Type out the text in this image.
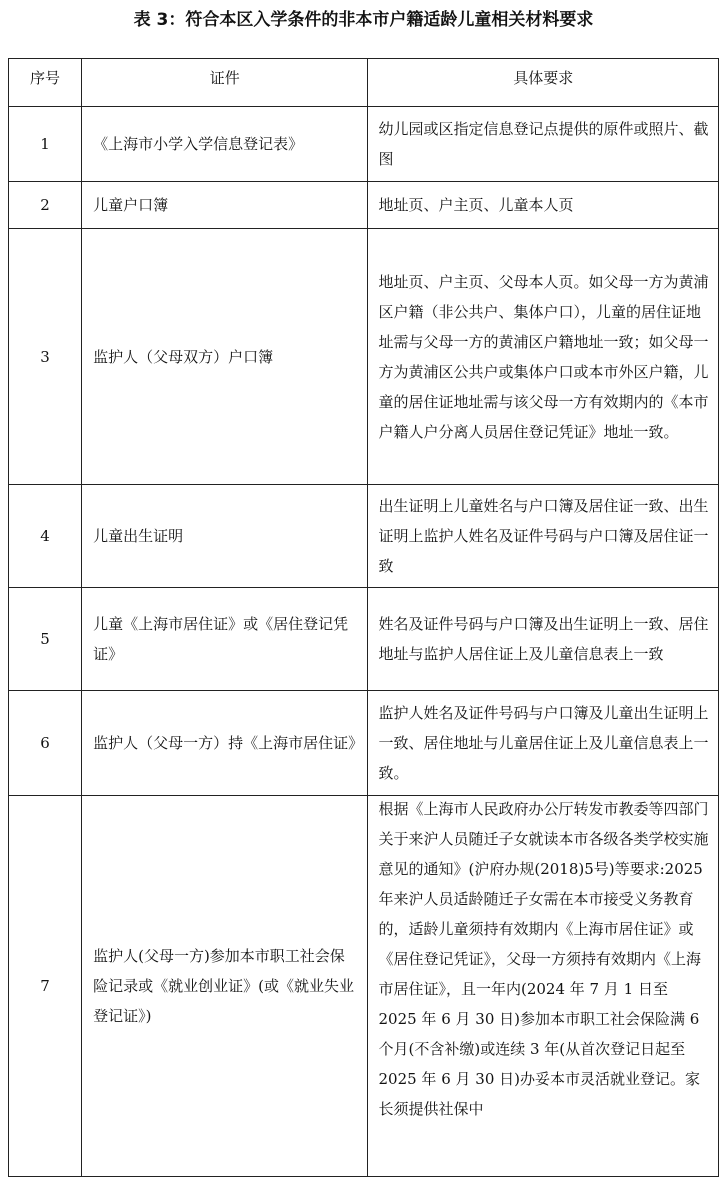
表 3：符合本区入学条件的非本市户籍适龄儿童相关材料要求
序号	证件	具体要求
1	《上海市小学入学信息登记表》	幼儿园或区指定信息登记点提供的原件或照片、截图
2	儿童户口簿	地址页、户主页、儿童本人页
3	监护人（父母双方）户口簿	地址页、户主页、父母本人页。如父母一方为黄浦区户籍（非公共户、集体户口），儿童的居住证地址需与父母一方的黄浦区户籍地址一致；如父母一方为黄浦区公共户或集体户口或本市外区户籍，儿童的居住证地址需与该父母一方有效期内的《本市户籍人户分离人员居住登记凭证》地址一致。
4	儿童出生证明	出生证明上儿童姓名与户口簿及居住证一致、出生证明上监护人姓名及证件号码与户口簿及居住证一致
5	儿童《上海市居住证》或《居住登记凭证》	姓名及证件号码与户口簿及出生证明上一致、居住地址与监护人居住证上及儿童信息表上一致
6	监护人（父母一方）持《上海市居住证》	监护人姓名及证件号码与户口簿及儿童出生证明上一致、居住地址与儿童居住证上及儿童信息表上一致。
7	监护人(父母一方)参加本市职工社会保险记录或《就业创业证》(或《就业失业登记证》)	根据《上海市人民政府办公厅转发市教委等四部门关于来沪人员随迁子女就读本市各级各类学校实施意见的通知》(沪府办规(2018)5号)等要求:2025 年来沪人员适龄随迁子女需在本市接受义务教育的，适龄儿童须持有效期内《上海市居住证》或《居住登记凭证》，父母一方须持有效期内《上海市居住证》，且一年内(2024 年 7 月 1 日至 2025 年 6 月 30 日)参加本市职工社会保险满 6 个月(不含补缴)或连续 3 年(从首次登记日起至 2025 年 6 月 30 日)办妥本市灵活就业登记。家长须提供社保中
